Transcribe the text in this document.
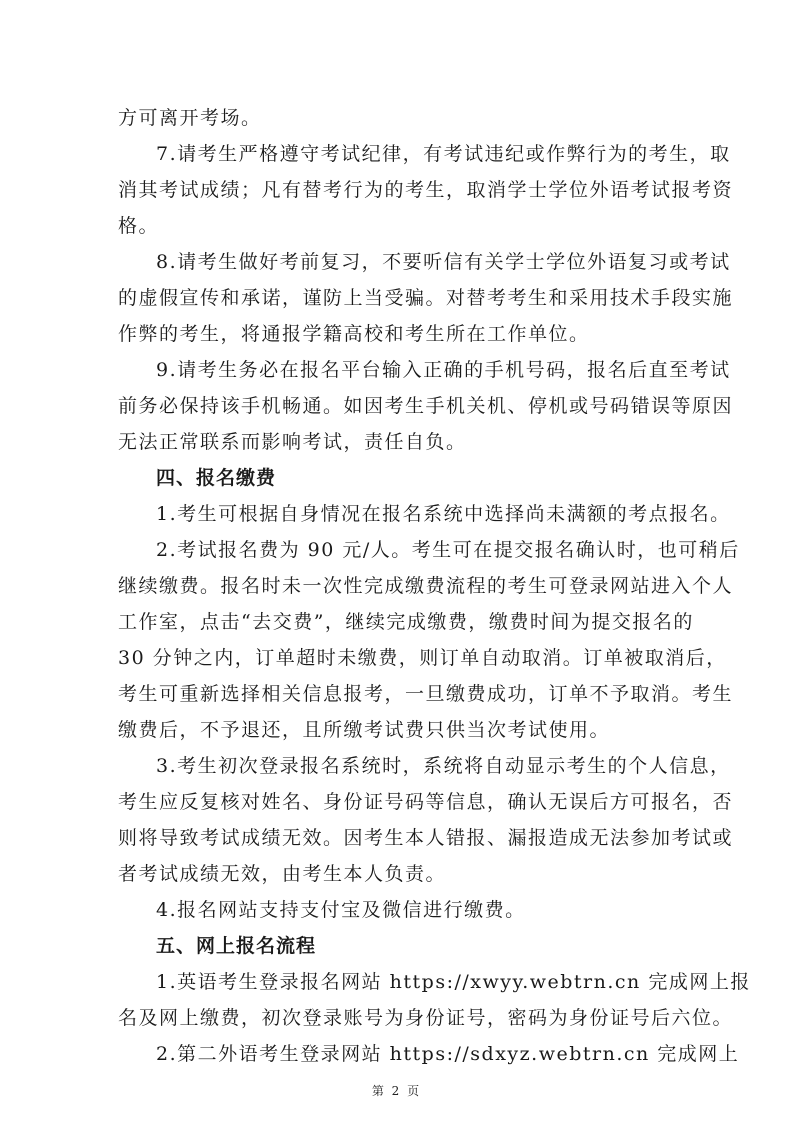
方可离开考场。
7.请考生严格遵守考试纪律，有考试违纪或作弊行为的考生，取
消其考试成绩；凡有替考行为的考生，取消学士学位外语考试报考资
格。
8.请考生做好考前复习，不要听信有关学士学位外语复习或考试
的虚假宣传和承诺，谨防上当受骗。对替考考生和采用技术手段实施
作弊的考生，将通报学籍高校和考生所在工作单位。
9.请考生务必在报名平台输入正确的手机号码，报名后直至考试
前务必保持该手机畅通。如因考生手机关机、停机或号码错误等原因
无法正常联系而影响考试，责任自负。
四、报名缴费
1.考生可根据自身情况在报名系统中选择尚未满额的考点报名。
2.考试报名费为 90 元/人。考生可在提交报名确认时，也可稍后
继续缴费。报名时未一次性完成缴费流程的考生可登录网站进入个人
工作室，点击“去交费”，继续完成缴费，缴费时间为提交报名的
30 分钟之内，订单超时未缴费，则订单自动取消。订单被取消后，
考生可重新选择相关信息报考，一旦缴费成功，订单不予取消。考生
缴费后，不予退还，且所缴考试费只供当次考试使用。
3.考生初次登录报名系统时，系统将自动显示考生的个人信息，
考生应反复核对姓名、身份证号码等信息，确认无误后方可报名，否
则将导致考试成绩无效。因考生本人错报、漏报造成无法参加考试或
者考试成绩无效，由考生本人负责。
4.报名网站支持支付宝及微信进行缴费。
五、网上报名流程
1.英语考生登录报名网站 https://xwyy.webtrn.cn 完成网上报
名及网上缴费，初次登录账号为身份证号，密码为身份证号后六位。
2.第二外语考生登录网站 https://sdxyz.webtrn.cn 完成网上
第 2 页
